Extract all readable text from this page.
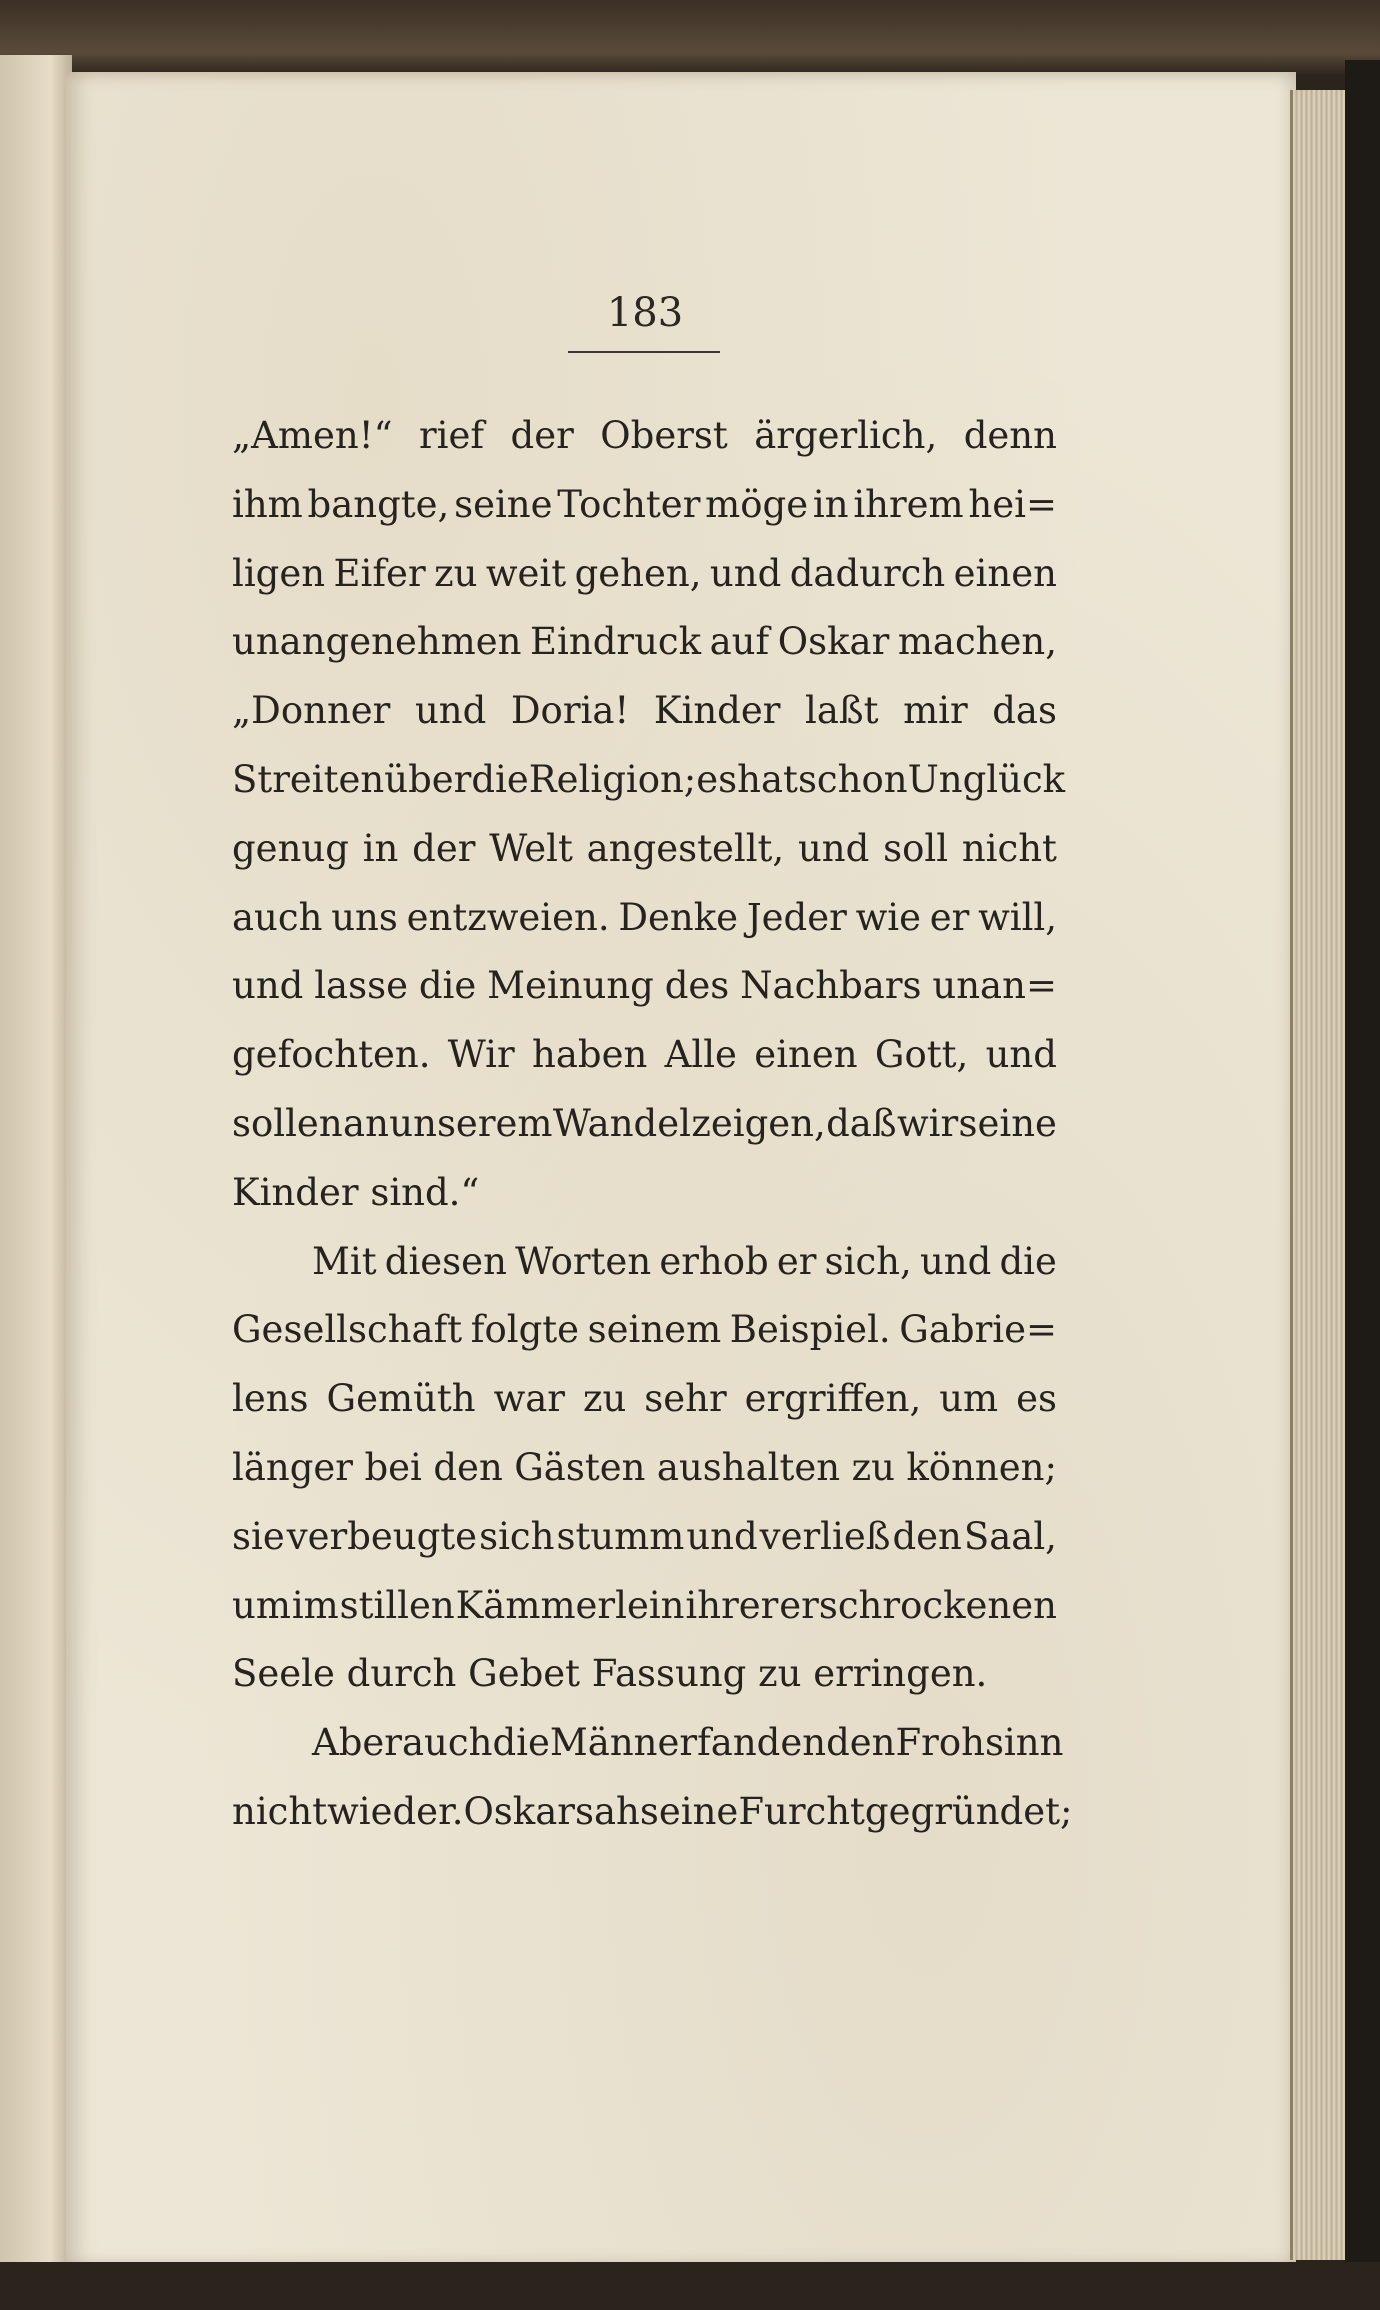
183
„Amen!“ rief der Oberst ärgerlich, denn
ihm bangte, seine Tochter möge in ihrem hei=
ligen Eifer zu weit gehen, und dadurch einen
unangenehmen Eindruck auf Oskar machen,
„Donner und Doria! Kinder laßt mir das
Streiten über die Religion; es hat schon Unglück
genug in der Welt angestellt, und soll nicht
auch uns entzweien. Denke Jeder wie er will,
und lasse die Meinung des Nachbars unan=
gefochten. Wir haben Alle einen Gott, und
sollen an unserem Wandel zeigen, daß wir seine
Kinder sind.“
Mit diesen Worten erhob er sich, und die
Gesellschaft folgte seinem Beispiel. Gabrie=
lens Gemüth war zu sehr ergriffen, um es
länger bei den Gästen aushalten zu können;
sie verbeugte sich stumm und verließ den Saal,
um im stillen Kämmerlein ihrer erschrockenen
Seele durch Gebet Fassung zu erringen.
Aber auch die Männer fanden den Frohsinn
nicht wieder. Oskar sah seine Furcht gegründet;
